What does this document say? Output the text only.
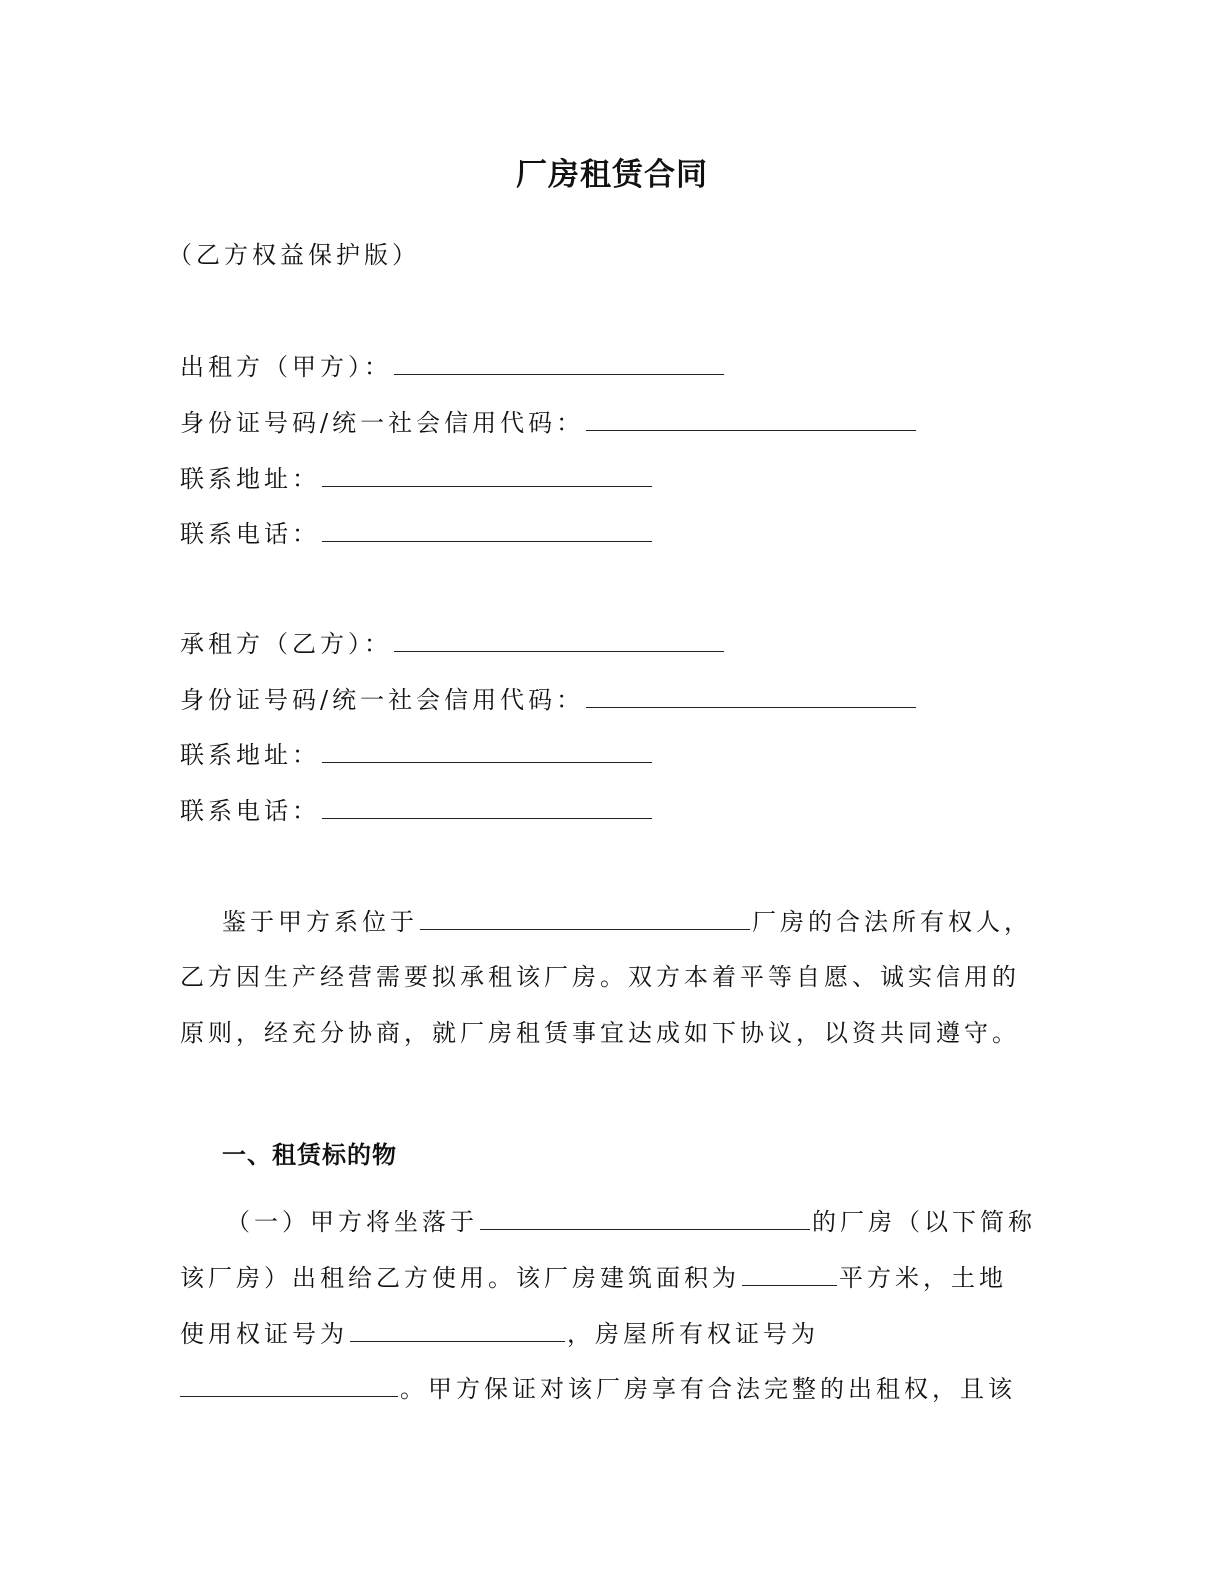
厂房租赁合同
（乙方权益保护版）
出租方（甲方）：
身份证号码/统一社会信用代码：
联系地址：
联系电话：
承租方（乙方）：
身份证号码/统一社会信用代码：
联系地址：
联系电话：
鉴于甲方系位于	厂房的合法所有权人，
乙方因生产经营需要拟承租该厂房。双方本着平等自愿、诚实信用的
原则，经充分协商，就厂房租赁事宜达成如下协议，以资共同遵守。
一、租赁标的物
（一）甲方将坐落于	的厂房（以下简称
该厂房）出租给乙方使用。该厂房建筑面积为	平方米，土地
使用权证号为	，房屋所有权证号为
。甲方保证对该厂房享有合法完整的出租权，且该
